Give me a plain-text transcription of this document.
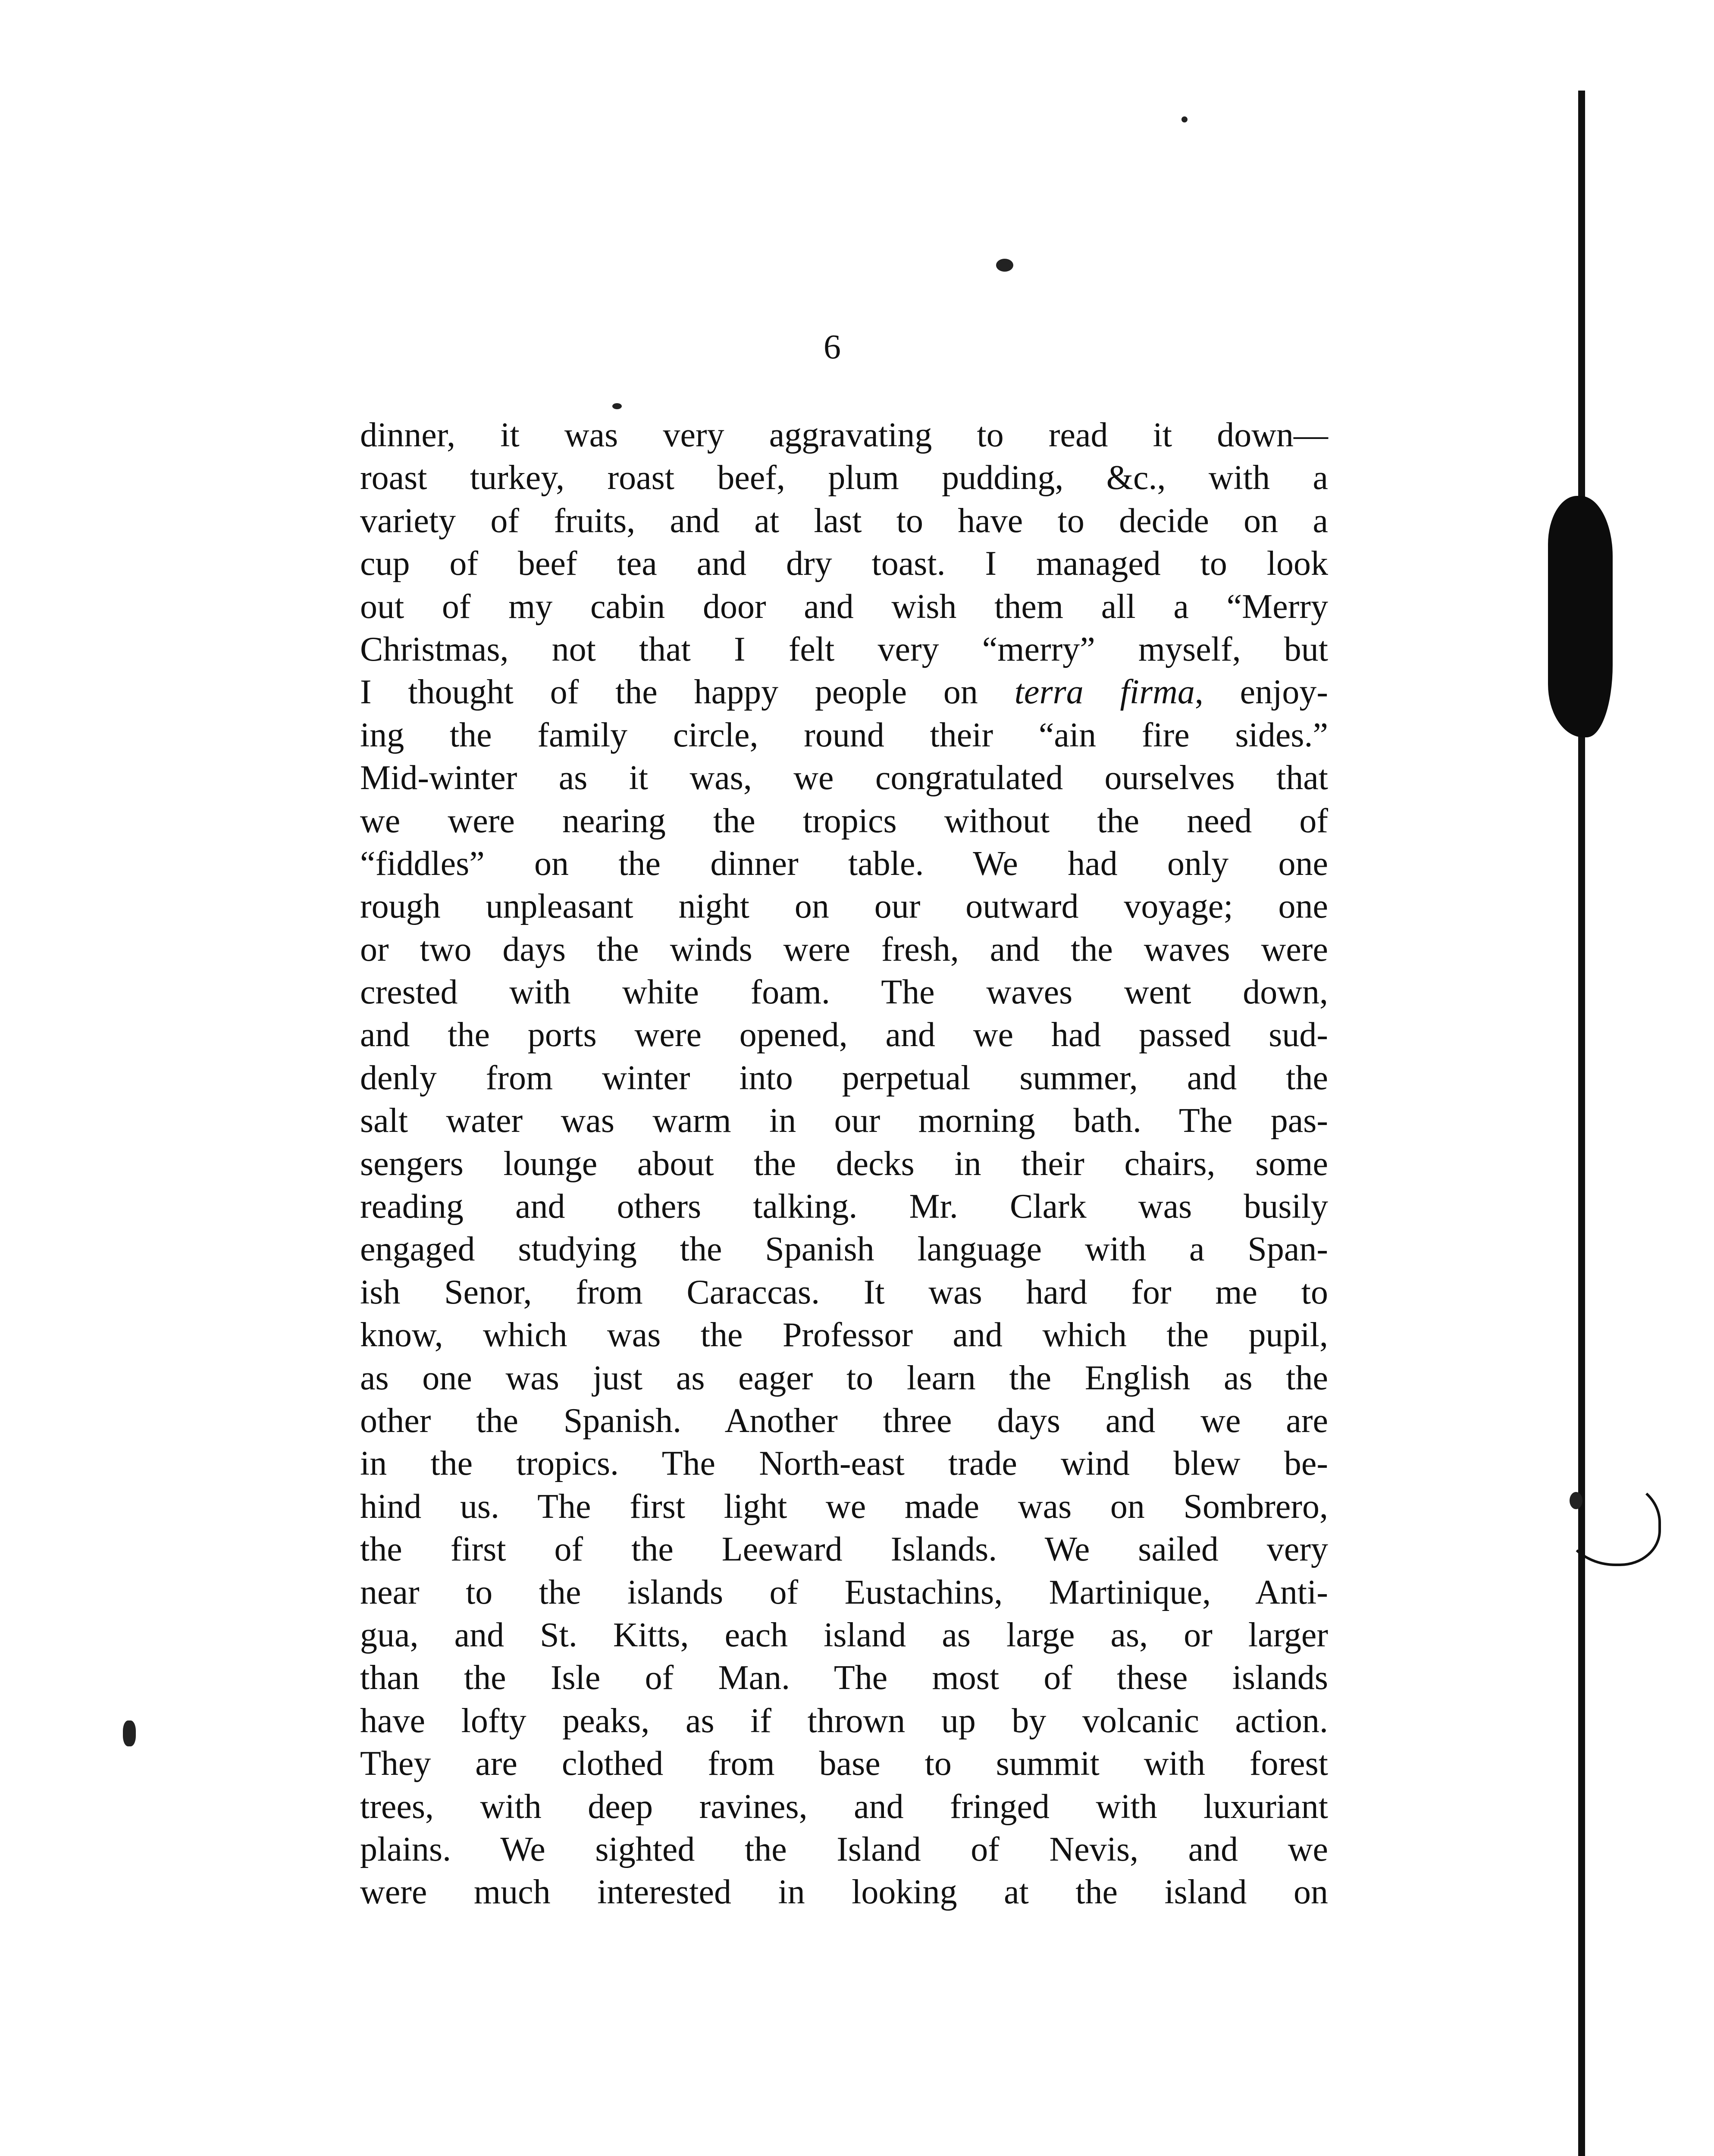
6
dinner, it was very aggravating to read it down—
roast turkey, roast beef, plum pudding, &c., with a
variety of fruits, and at last to have to decide on a
cup of beef tea and dry toast. I managed to look
out of my cabin door and wish them all a “Merry
Christmas, not that I felt very “merry” myself, but
I thought of the happy people on terra firma, enjoy-
ing the family circle, round their “ain fire sides.”
Mid-winter as it was, we congratulated ourselves that
we were nearing the tropics without the need of
“fiddles” on the dinner table. We had only one
rough unpleasant night on our outward voyage; one
or two days the winds were fresh, and the waves were
crested with white foam. The waves went down,
and the ports were opened, and we had passed sud-
denly from winter into perpetual summer, and the
salt water was warm in our morning bath. The pas-
sengers lounge about the decks in their chairs, some
reading and others talking. Mr. Clark was busily
engaged studying the Spanish language with a Span-
ish Senor, from Caraccas. It was hard for me to
know, which was the Professor and which the pupil,
as one was just as eager to learn the English as the
other the Spanish. Another three days and we are
in the tropics. The North-east trade wind blew be-
hind us. The first light we made was on Sombrero,
the first of the Leeward Islands. We sailed very
near to the islands of Eustachins, Martinique, Anti-
gua, and St. Kitts, each island as large as, or larger
than the Isle of Man. The most of these islands
have lofty peaks, as if thrown up by volcanic action.
They are clothed from base to summit with forest
trees, with deep ravines, and fringed with luxuriant
plains. We sighted the Island of Nevis, and we
were much interested in looking at the island on
